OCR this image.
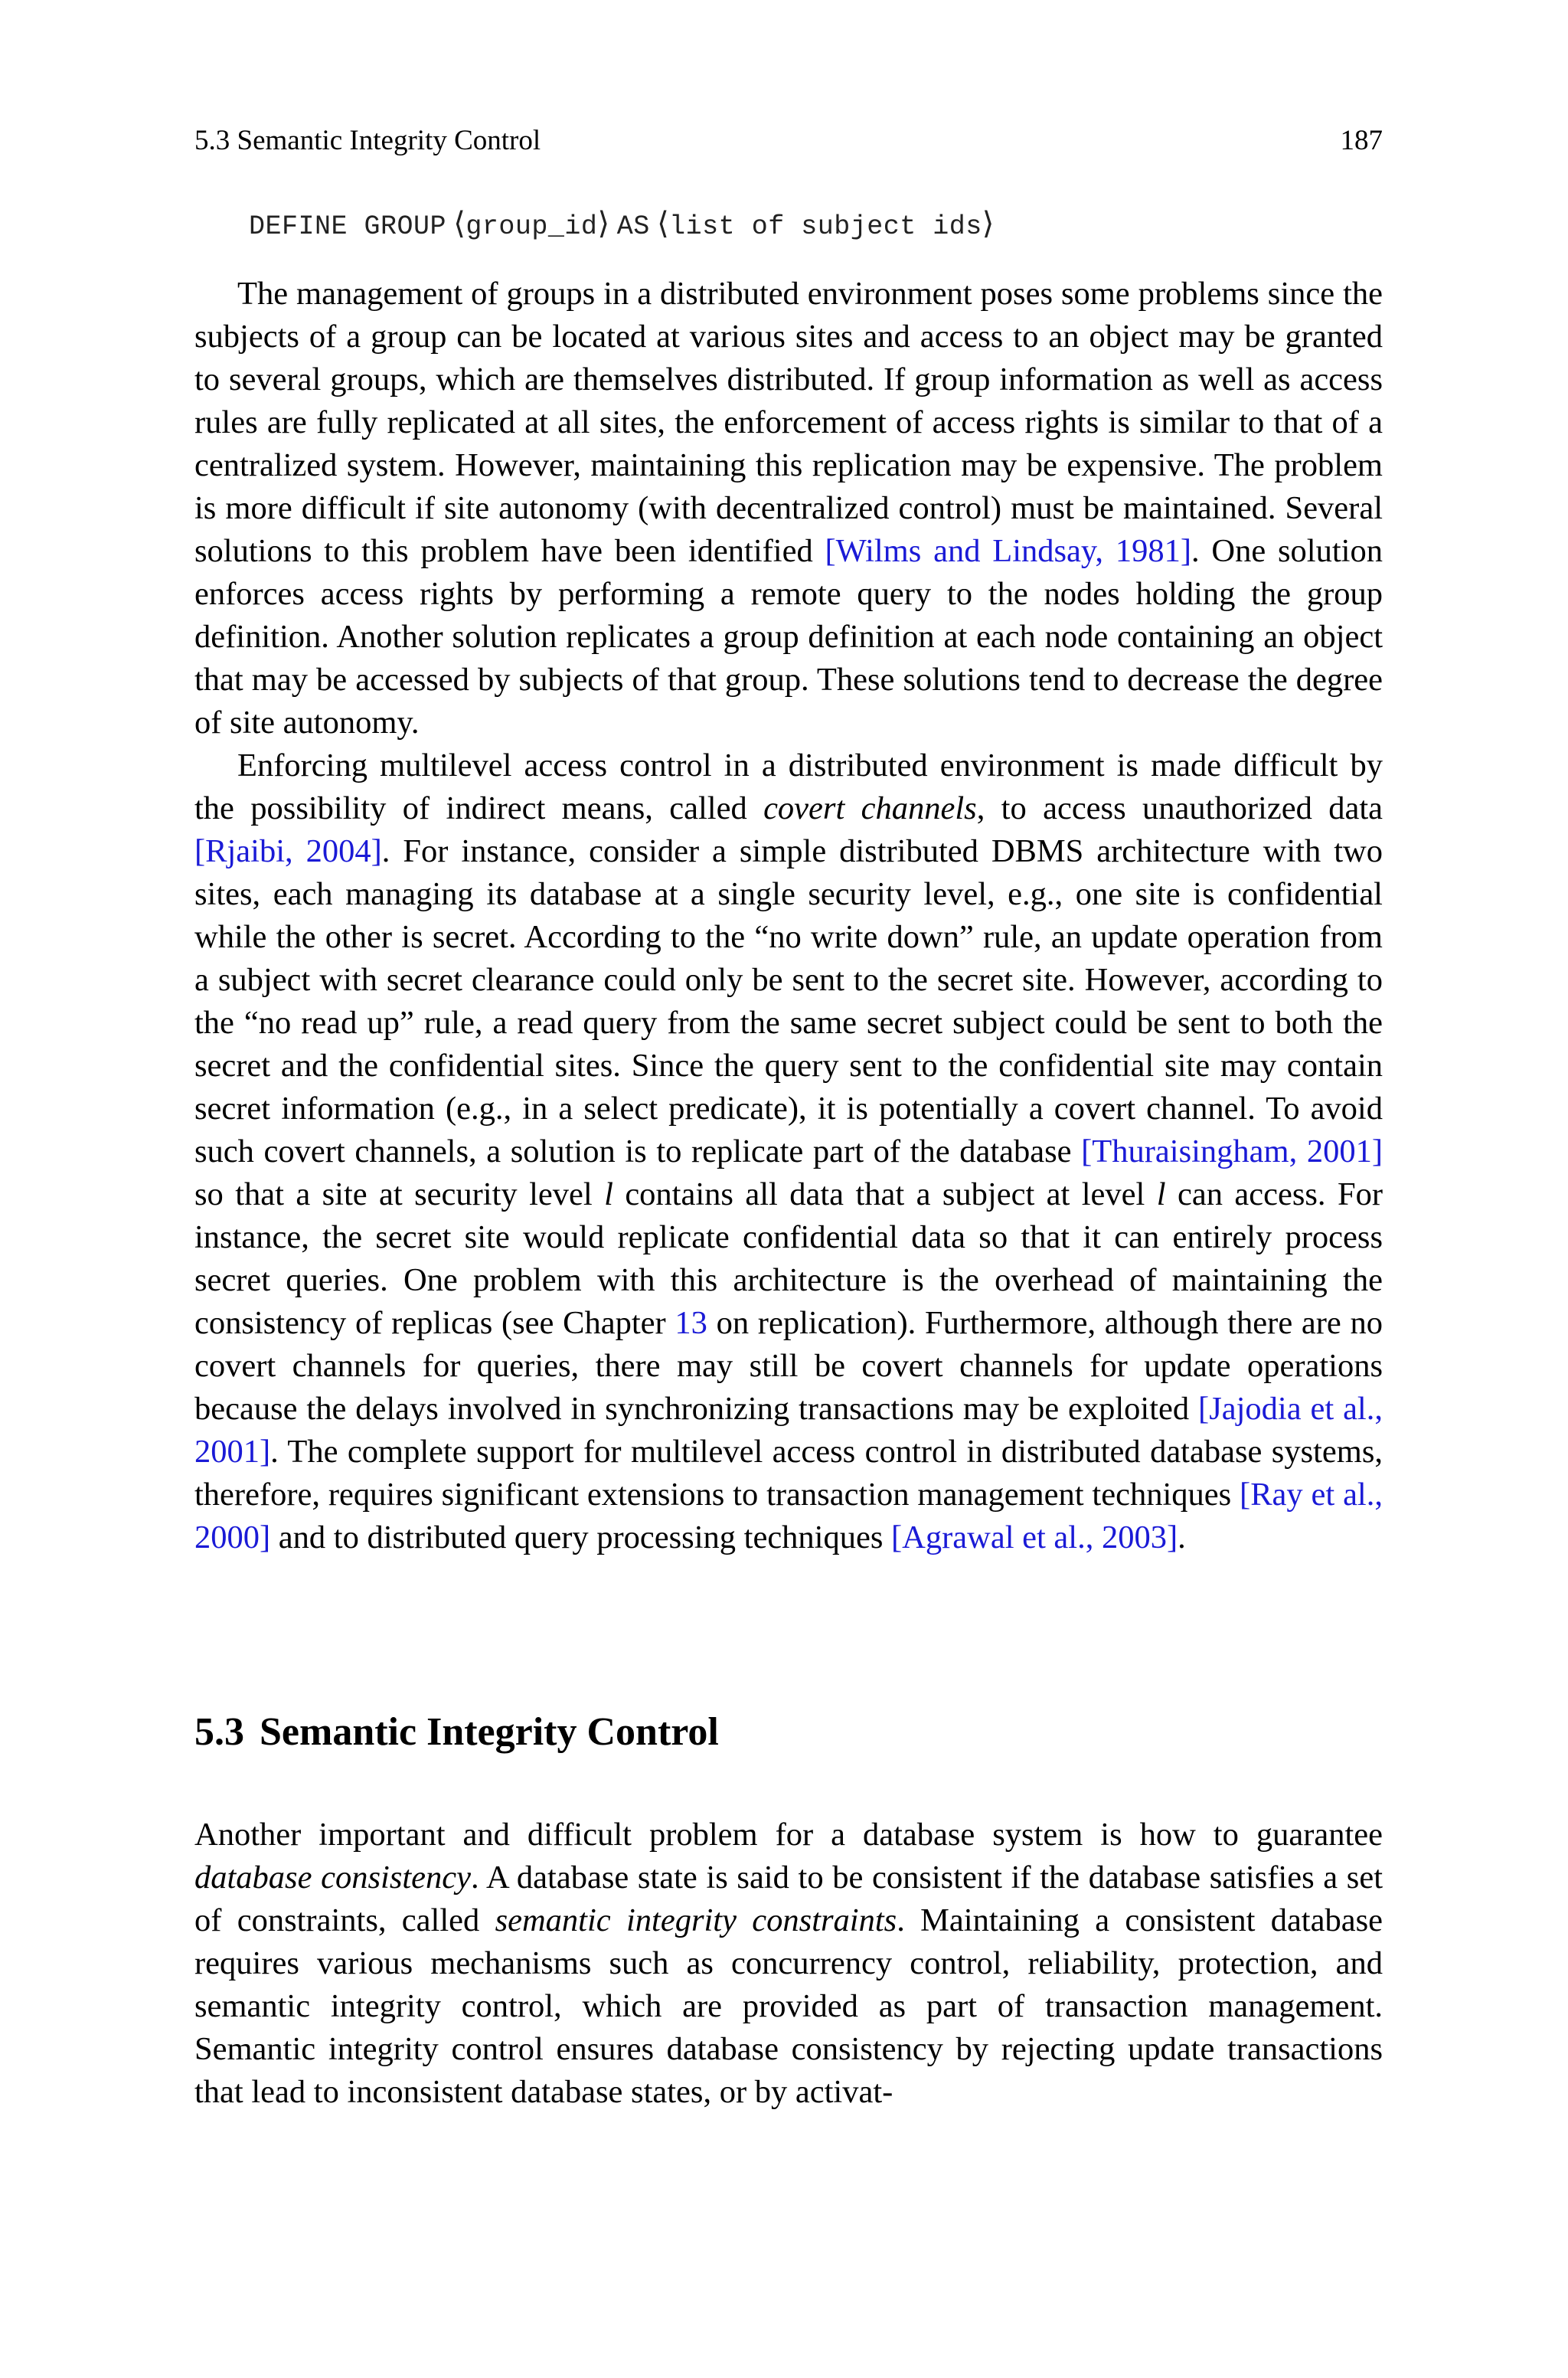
5.3 Semantic Integrity Control	187
DEFINE GROUP ⟨group_id⟩ AS ⟨list of subject ids⟩

The management of groups in a distributed environment poses some problems since the subjects of a group can be located at various sites and access to an object may be granted to several groups, which are themselves distributed. If group information as well as access rules are fully replicated at all sites, the enforcement of access rights is similar to that of a centralized system. However, maintaining this replication may be expensive. The problem is more difficult if site autonomy (with decentralized control) must be maintained. Several solutions to this problem have been identified [Wilms and Lindsay, 1981]. One solution enforces access rights by performing a remote query to the nodes holding the group definition. Another solution replicates a group definition at each node containing an object that may be accessed by subjects of that group. These solutions tend to decrease the degree of site autonomy.

Enforcing multilevel access control in a distributed environment is made difficult by the possibility of indirect means, called covert channels, to access unauthorized data [Rjaibi, 2004]. For instance, consider a simple distributed DBMS architecture with two sites, each managing its database at a single security level, e.g., one site is confidential while the other is secret. According to the “no write down” rule, an update operation from a subject with secret clearance could only be sent to the secret site. However, according to the “no read up” rule, a read query from the same secret subject could be sent to both the secret and the confidential sites. Since the query sent to the confidential site may contain secret information (e.g., in a select predicate), it is potentially a covert channel. To avoid such covert channels, a solution is to replicate part of the database [Thuraisingham, 2001] so that a site at security level l contains all data that a subject at level l can access. For instance, the secret site would replicate confidential data so that it can entirely process secret queries. One problem with this architecture is the overhead of maintaining the consistency of replicas (see Chapter 13 on replication). Furthermore, although there are no covert channels for queries, there may still be covert channels for update operations because the delays involved in synchronizing transactions may be exploited [Jajodia et al., 2001]. The complete support for multilevel access control in distributed database systems, therefore, requires significant extensions to transaction management techniques [Ray et al., 2000] and to distributed query processing techniques [Agrawal et al., 2003].

5.3 Semantic Integrity Control

Another important and difficult problem for a database system is how to guarantee database consistency. A database state is said to be consistent if the database satisfies a set of constraints, called semantic integrity constraints. Maintaining a consistent database requires various mechanisms such as concurrency control, reliability, protection, and semantic integrity control, which are provided as part of transaction management. Semantic integrity control ensures database consistency by rejecting update transactions that lead to inconsistent database states, or by activat-
